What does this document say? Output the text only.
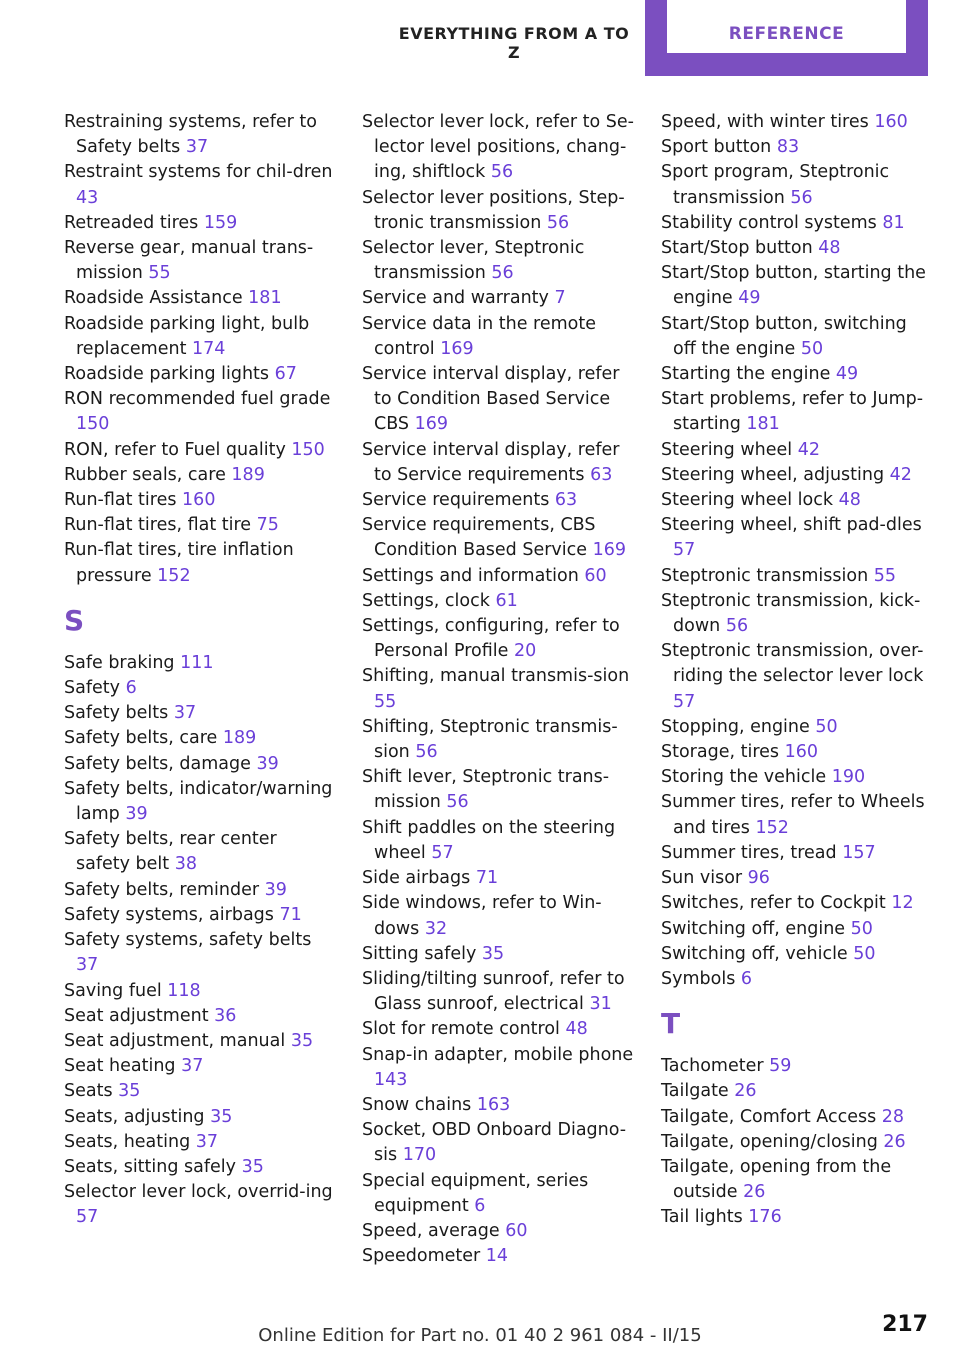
EVERYTHING FROM A TO Z
REFERENCE

Restraining systems, refer to Safety belts 37

Restraint systems for chil-dren 43

Retreaded tires 159

Reverse gear, manual trans-mission 55

Roadside Assistance 181

Roadside parking light, bulb replacement 174

Roadside parking lights 67

RON recommended fuel grade 150

RON, refer to Fuel quality 150

Rubber seals, care 189

Run-flat tires 160

Run-flat tires, flat tire 75

Run-flat tires, tire inflation pressure 152

S

Safe braking 111

Safety 6

Safety belts 37

Safety belts, care 189

Safety belts, damage 39

Safety belts, indicator/warning lamp 39

Safety belts, rear center safety belt 38

Safety belts, reminder 39

Safety systems, airbags 71

Safety systems, safety belts 37

Saving fuel 118

Seat adjustment 36

Seat adjustment, manual 35

Seat heating 37

Seats 35

Seats, adjusting 35

Seats, heating 37

Seats, sitting safely 35

Selector lever lock, overrid-ing 57

Selector lever lock, refer to Se-lector level positions, chang-ing, shiftlock 56

Selector lever positions, Step-tronic transmission 56

Selector lever, Steptronic transmission 56

Service and warranty 7

Service data in the remote control 169

Service interval display, refer to Condition Based Service CBS 169

Service interval display, refer to Service requirements 63

Service requirements 63

Service requirements, CBS Condition Based Service 169

Settings and information 60

Settings, clock 61

Settings, configuring, refer to Personal Profile 20

Shifting, manual transmis-sion 55

Shifting, Steptronic transmis-sion 56

Shift lever, Steptronic trans-mission 56

Shift paddles on the steering wheel 57

Side airbags 71

Side windows, refer to Win-dows 32

Sitting safely 35

Sliding/tilting sunroof, refer to Glass sunroof, electrical 31

Slot for remote control 48

Snap-in adapter, mobile phone 143

Snow chains 163

Socket, OBD Onboard Diagno-sis 170

Special equipment, series equipment 6

Speed, average 60

Speedometer 14

Speed, with winter tires 160

Sport button 83

Sport program, Steptronic transmission 56

Stability control systems 81

Start/Stop button 48

Start/Stop button, starting the engine 49

Start/Stop button, switching off the engine 50

Starting the engine 49

Start problems, refer to Jump-starting 181

Steering wheel 42

Steering wheel, adjusting 42

Steering wheel lock 48

Steering wheel, shift pad-dles 57

Steptronic transmission 55

Steptronic transmission, kick-down 56

Steptronic transmission, over-riding the selector lever lock 57

Stopping, engine 50

Storage, tires 160

Storing the vehicle 190

Summer tires, refer to Wheels and tires 152

Summer tires, tread 157

Sun visor 96

Switches, refer to Cockpit 12

Switching off, engine 50

Switching off, vehicle 50

Symbols 6

T

Tachometer 59

Tailgate 26

Tailgate, Comfort Access 28

Tailgate, opening/closing 26

Tailgate, opening from the outside 26

Tail lights 176

217
Online Edition for Part no. 01 40 2 961 084 - II/15
